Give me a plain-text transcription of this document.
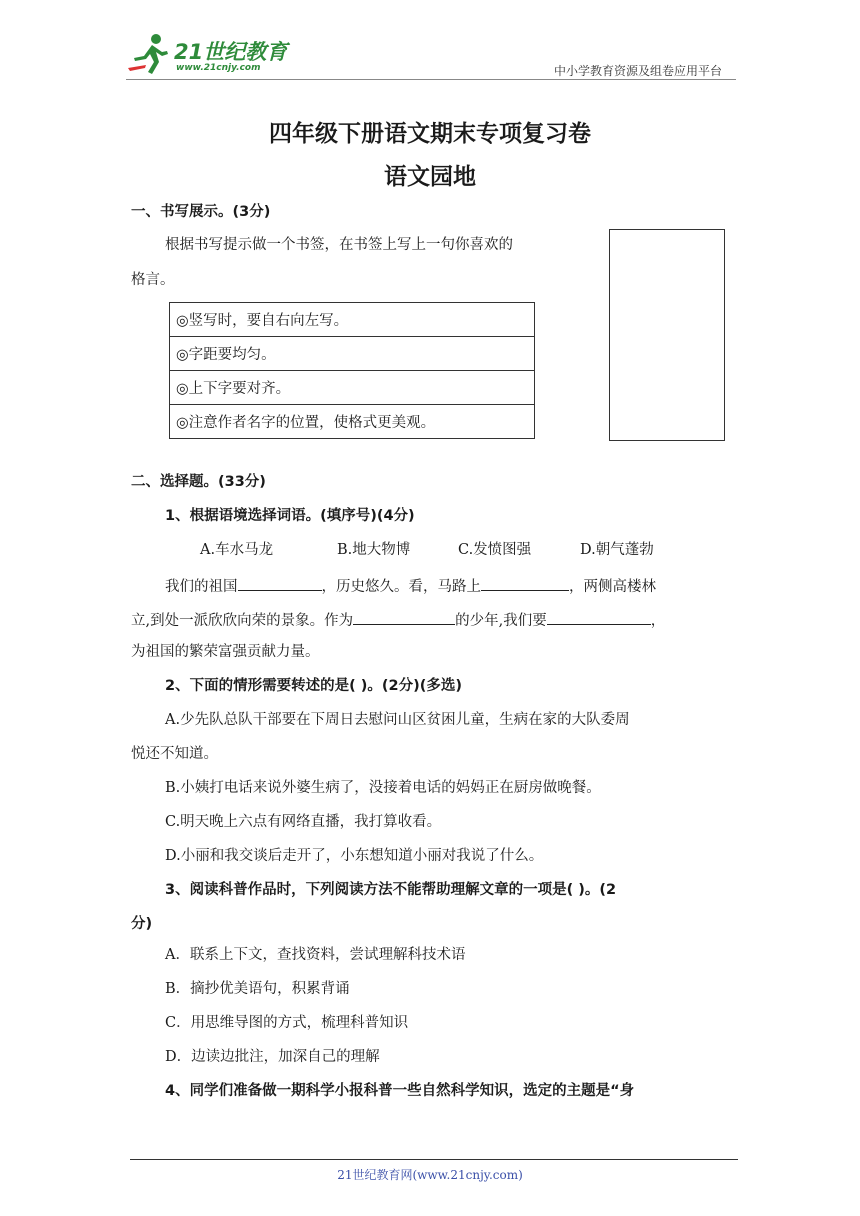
21世纪教育
www.21cnjy.com	中小学教育资源及组卷应用平台
四年级下册语文期末专项复习卷
语文园地
一、书写展示。(3分)
根据书写提示做一个书签，在书签上写上一句你喜欢的
格言。
◎竖写时，要自右向左写。
◎字距要均匀。
◎上下字要对齐。
◎注意作者名字的位置，使格式更美观。
二、选择题。(33分)
1、根据语境选择词语。(填序号)(4分)
A.车水马龙	B.地大物博	C.发愤图强	D.朝气蓬勃
我们的祖国	，历史悠久。看，马路上	，两侧高楼林
立,到处一派欣欣向荣的景象。作为	的少年,我们要	，
为祖国的繁荣富强贡献力量。
2、下面的情形需要转述的是( )。(2分)(多选)
A.少先队总队干部要在下周日去慰问山区贫困儿童，生病在家的大队委周
悦还不知道。
B.小姨打电话来说外婆生病了，没接着电话的妈妈正在厨房做晚餐。
C.明天晚上六点有网络直播，我打算收看。
D.小丽和我交谈后走开了，小东想知道小丽对我说了什么。
3、阅读科普作品时，下列阅读方法不能帮助理解文章的一项是( )。(2
分)
A．联系上下文，查找资料，尝试理解科技术语
B．摘抄优美语句，积累背诵
C．用思维导图的方式，梳理科普知识
D．边读边批注，加深自己的理解
4、同学们准备做一期科学小报科普一些自然科学知识，选定的主题是“身
21世纪教育网(www.21cnjy.com)
